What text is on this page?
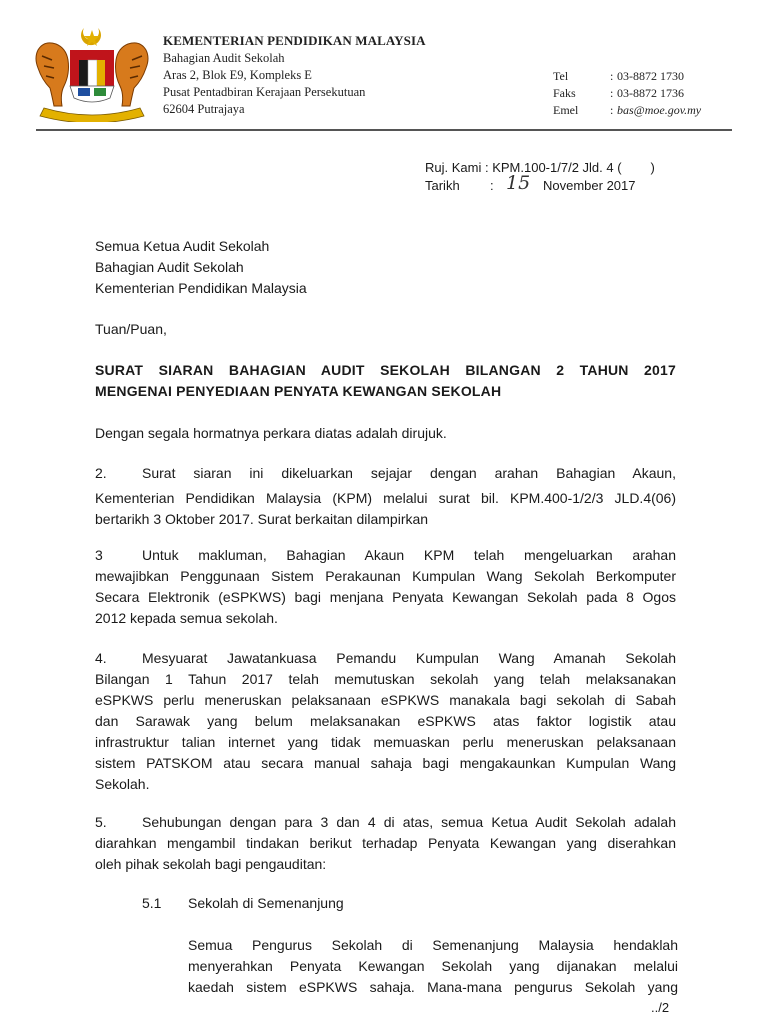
KEMENTERIAN PENDIDIKAN MALAYSIA
Bahagian Audit Sekolah
Aras 2, Blok E9, Kompleks E
Pusat Pentadbiran Kerajaan Persekutuan
62604 Putrajaya
Tel	: 03-8872 1730
Faks	: 03-8872 1736
Emel	: bas@moe.gov.my
Ruj. Kami : KPM.100-1/7/2 Jld. 4 (        )
Tarikh : 15 November 2017
Semua Ketua Audit Sekolah
Bahagian Audit Sekolah
Kementerian Pendidikan Malaysia
Tuan/Puan,
SURAT SIARAN BAHAGIAN AUDIT SEKOLAH BILANGAN 2 TAHUN 2017
MENGENAI PENYEDIAAN PENYATA KEWANGAN SEKOLAH
Dengan segala hormatnya perkara diatas adalah dirujuk.
2.	Surat siaran ini dikeluarkan sejajar dengan arahan Bahagian Akaun,
Kementerian Pendidikan Malaysia (KPM) melalui surat bil. KPM.400-1/2/3 JLD.4(06)
bertarikh 3 Oktober 2017. Surat berkaitan dilampirkan
3	Untuk makluman, Bahagian Akaun KPM telah mengeluarkan arahan
mewajibkan Penggunaan Sistem Perakaunan Kumpulan Wang Sekolah Berkomputer
Secara Elektronik (eSPKWS) bagi menjana Penyata Kewangan Sekolah pada 8 Ogos
2012 kepada semua sekolah.
4.	Mesyuarat Jawatankuasa Pemandu Kumpulan Wang Amanah Sekolah
Bilangan 1 Tahun 2017 telah memutuskan sekolah yang telah melaksanakan
eSPKWS perlu meneruskan pelaksanaan eSPKWS manakala bagi sekolah di Sabah
dan Sarawak yang belum melaksanakan eSPKWS atas faktor logistik atau
infrastruktur talian internet yang tidak memuaskan perlu meneruskan pelaksanaan
sistem PATSKOM atau secara manual sahaja bagi mengakaunkan Kumpulan Wang
Sekolah.
5.	Sehubungan dengan para 3 dan 4 di atas, semua Ketua Audit Sekolah adalah
diarahkan mengambil tindakan berikut terhadap Penyata Kewangan yang diserahkan
oleh pihak sekolah bagi pengauditan:
5.1 Sekolah di Semenanjung
Semua Pengurus Sekolah di Semenanjung Malaysia hendaklah
menyerahkan Penyata Kewangan Sekolah yang dijanakan melalui
kaedah sistem eSPKWS sahaja. Mana-mana pengurus Sekolah yang
../2
